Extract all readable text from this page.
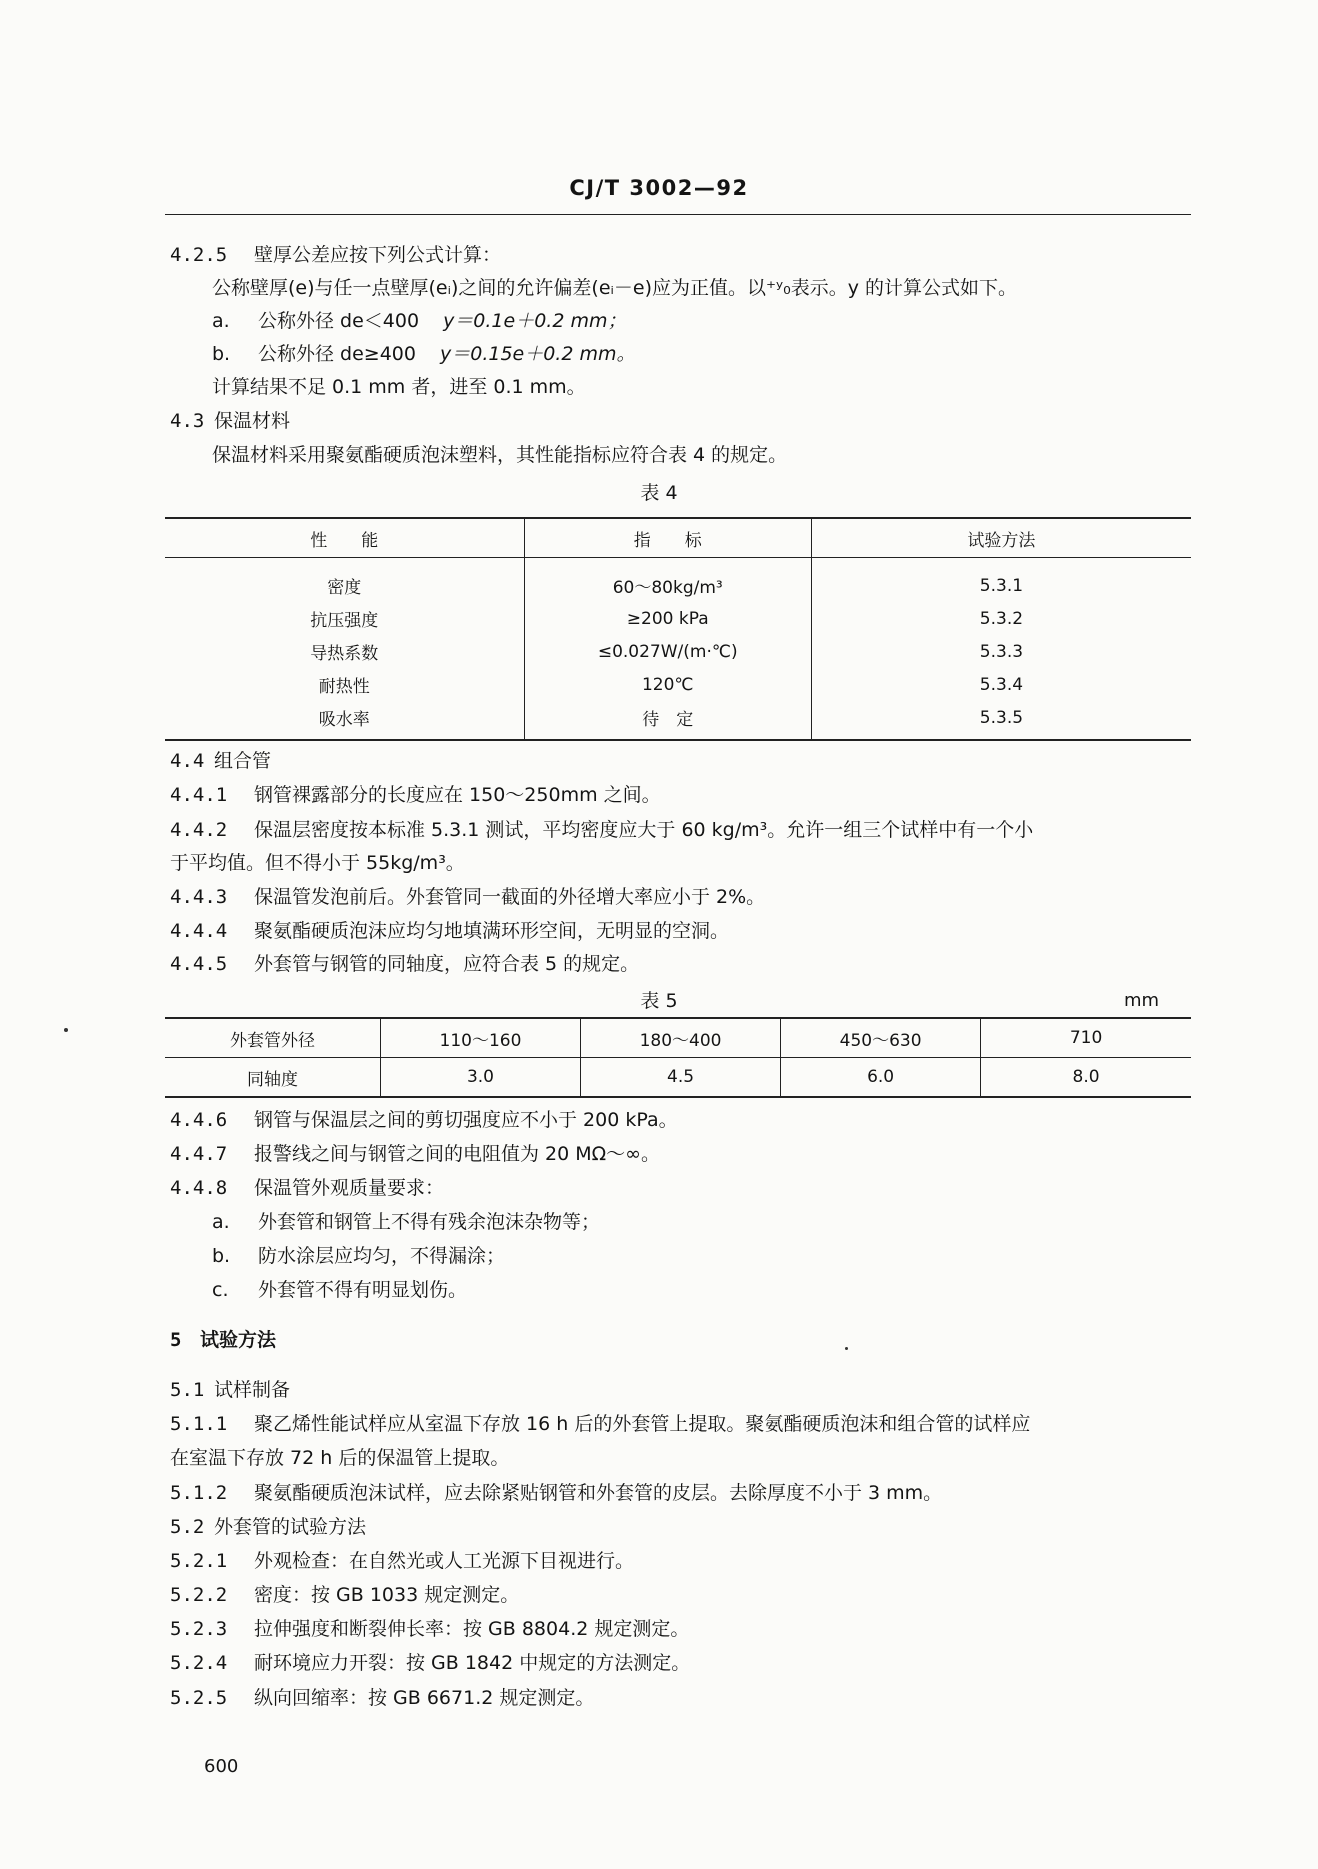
CJ/T 3002—92
4.2.5 壁厚公差应按下列公式计算：
公称壁厚(e)与任一点壁厚(eᵢ)之间的允许偏差(eᵢ－e)应为正值。以⁺ʸ₀表示。y 的计算公式如下。
a. 公称外径 de＜400 y＝0.1e＋0.2 mm；
b. 公称外径 de≥400 y＝0.15e＋0.2 mm。
计算结果不足 0.1 mm 者，进至 0.1 mm。
4.3 保温材料
保温材料采用聚氨酯硬质泡沫塑料，其性能指标应符合表 4 的规定。
表 4
性　　能	指　　标	试验方法
密度	60～80kg/m³	5.3.1
抗压强度	≥200 kPa	5.3.2
导热系数	≤0.027W/(m·℃)	5.3.3
耐热性	120℃	5.3.4
吸水率	待　定	5.3.5
4.4 组合管
4.4.1 钢管裸露部分的长度应在 150～250mm 之间。
4.4.2 保温层密度按本标准 5.3.1 测试，平均密度应大于 60 kg/m³。允许一组三个试样中有一个小
于平均值。但不得小于 55kg/m³。
4.4.3 保温管发泡前后。外套管同一截面的外径增大率应小于 2%。
4.4.4 聚氨酯硬质泡沫应均匀地填满环形空间，无明显的空洞。
4.4.5 外套管与钢管的同轴度，应符合表 5 的规定。
表 5	mm
外套管外径	110～160	180～400	450～630	710
同轴度	3.0	4.5	6.0	8.0
4.4.6 钢管与保温层之间的剪切强度应不小于 200 kPa。
4.4.7 报警线之间与钢管之间的电阻值为 20 MΩ～∞。
4.4.8 保温管外观质量要求：
a. 外套管和钢管上不得有残余泡沫杂物等；
b. 防水涂层应均匀，不得漏涂；
c. 外套管不得有明显划伤。
5 试验方法
5.1 试样制备
5.1.1 聚乙烯性能试样应从室温下存放 16 h 后的外套管上提取。聚氨酯硬质泡沫和组合管的试样应
在室温下存放 72 h 后的保温管上提取。
5.1.2 聚氨酯硬质泡沫试样，应去除紧贴钢管和外套管的皮层。去除厚度不小于 3 mm。
5.2 外套管的试验方法
5.2.1 外观检查：在自然光或人工光源下目视进行。
5.2.2 密度：按 GB 1033 规定测定。
5.2.3 拉伸强度和断裂伸长率：按 GB 8804.2 规定测定。
5.2.4 耐环境应力开裂：按 GB 1842 中规定的方法测定。
5.2.5 纵向回缩率：按 GB 6671.2 规定测定。
600
